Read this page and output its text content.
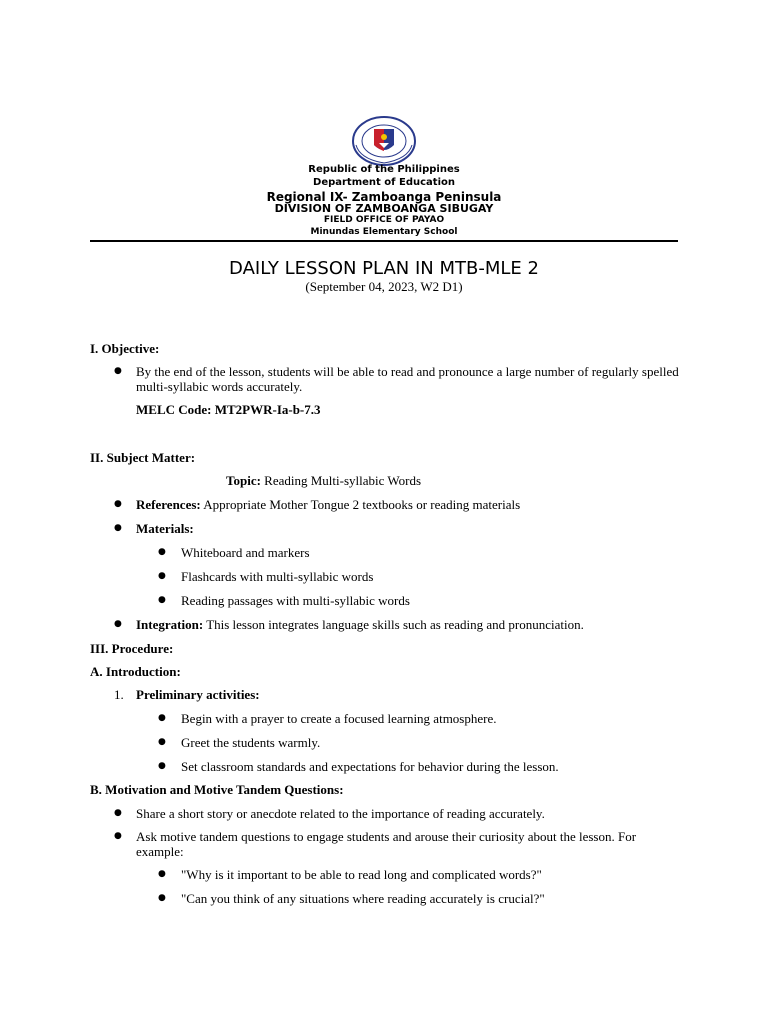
Republic of the Philippines
Department of Education
Regional IX- Zamboanga Peninsula
DIVISION OF ZAMBOANGA SIBUGAY
FIELD OFFICE OF PAYAO
Minundas Elementary School
DAILY LESSON PLAN IN MTB-MLE 2
(September 04, 2023, W2 D1)
I. Objective:
● By the end of the lesson, students will be able to read and pronounce a large number of regularly spelled multi-syllabic words accurately.
MELC Code: MT2PWR-Ia-b-7.3
II. Subject Matter:
Topic: Reading Multi-syllabic Words
● References: Appropriate Mother Tongue 2 textbooks or reading materials
● Materials:
● Whiteboard and markers
● Flashcards with multi-syllabic words
● Reading passages with multi-syllabic words
● Integration: This lesson integrates language skills such as reading and pronunciation.
III. Procedure:
A. Introduction:
1. Preliminary activities:
● Begin with a prayer to create a focused learning atmosphere.
● Greet the students warmly.
● Set classroom standards and expectations for behavior during the lesson.
B. Motivation and Motive Tandem Questions:
● Share a short story or anecdote related to the importance of reading accurately.
● Ask motive tandem questions to engage students and arouse their curiosity about the lesson. For example:
● "Why is it important to be able to read long and complicated words?"
● "Can you think of any situations where reading accurately is crucial?"
